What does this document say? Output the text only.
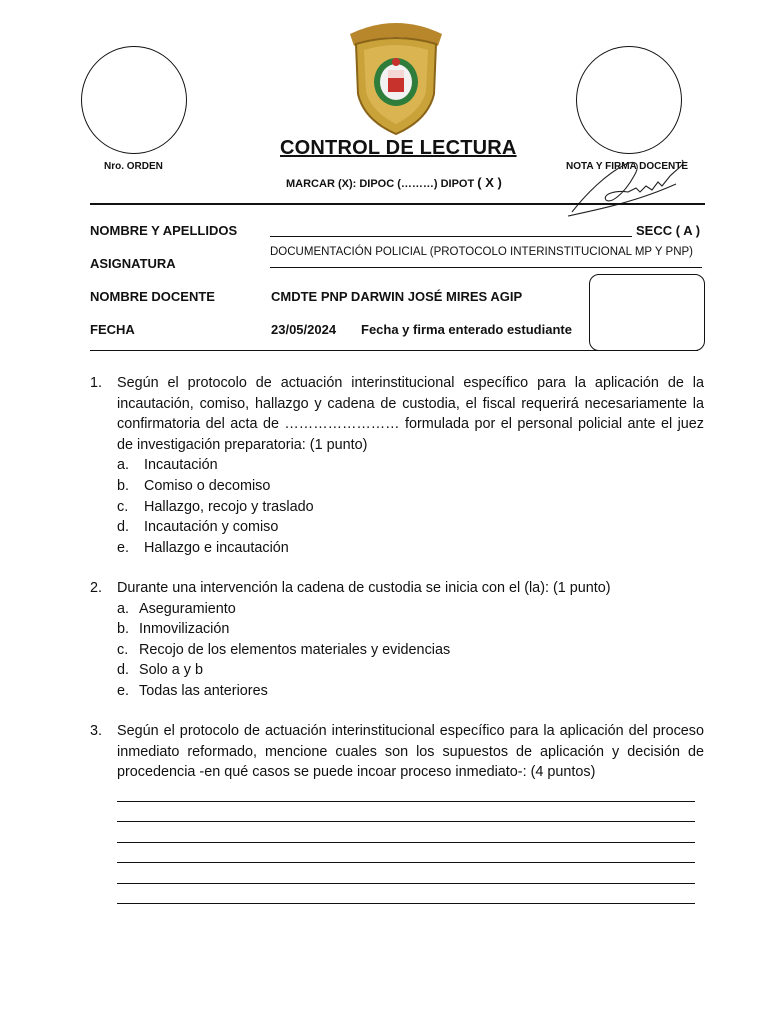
Nro. ORDEN	NOTA Y FIRMA DOCENTE
CONTROL DE LECTURA
MARCAR (X): DIPOC (………) DIPOT ( X )
NOMBRE Y APELLIDOS	SECC ( A )
ASIGNATURA
DOCUMENTACIÓN POLICIAL (PROTOCOLO INTERINSTITUCIONAL MP Y PNP)
NOMBRE DOCENTE	CMDTE PNP DARWIN JOSÉ MIRES AGIP
FECHA	23/05/2024 Fecha y firma enterado estudiante
1. Según el protocolo de actuación interinstitucional específico para la aplicación de la incautación, comiso, hallazgo y cadena de custodia, el fiscal requerirá necesariamente la confirmatoria del acta de …………………… formulada por el personal policial ante el juez de investigación preparatoria: (1 punto)
a. Incautación
b. Comiso o decomiso
c. Hallazgo, recojo y traslado
d. Incautación y comiso
e. Hallazgo e incautación
2. Durante una intervención la cadena de custodia se inicia con el (la): (1 punto)
a. Aseguramiento
b. Inmovilización
c. Recojo de los elementos materiales y evidencias
d. Solo a y b
e. Todas las anteriores
3. Según el protocolo de actuación interinstitucional específico para la aplicación del proceso inmediato reformado, mencione cuales son los supuestos de aplicación y decisión de procedencia -en qué casos se puede incoar proceso inmediato-: (4 puntos)
